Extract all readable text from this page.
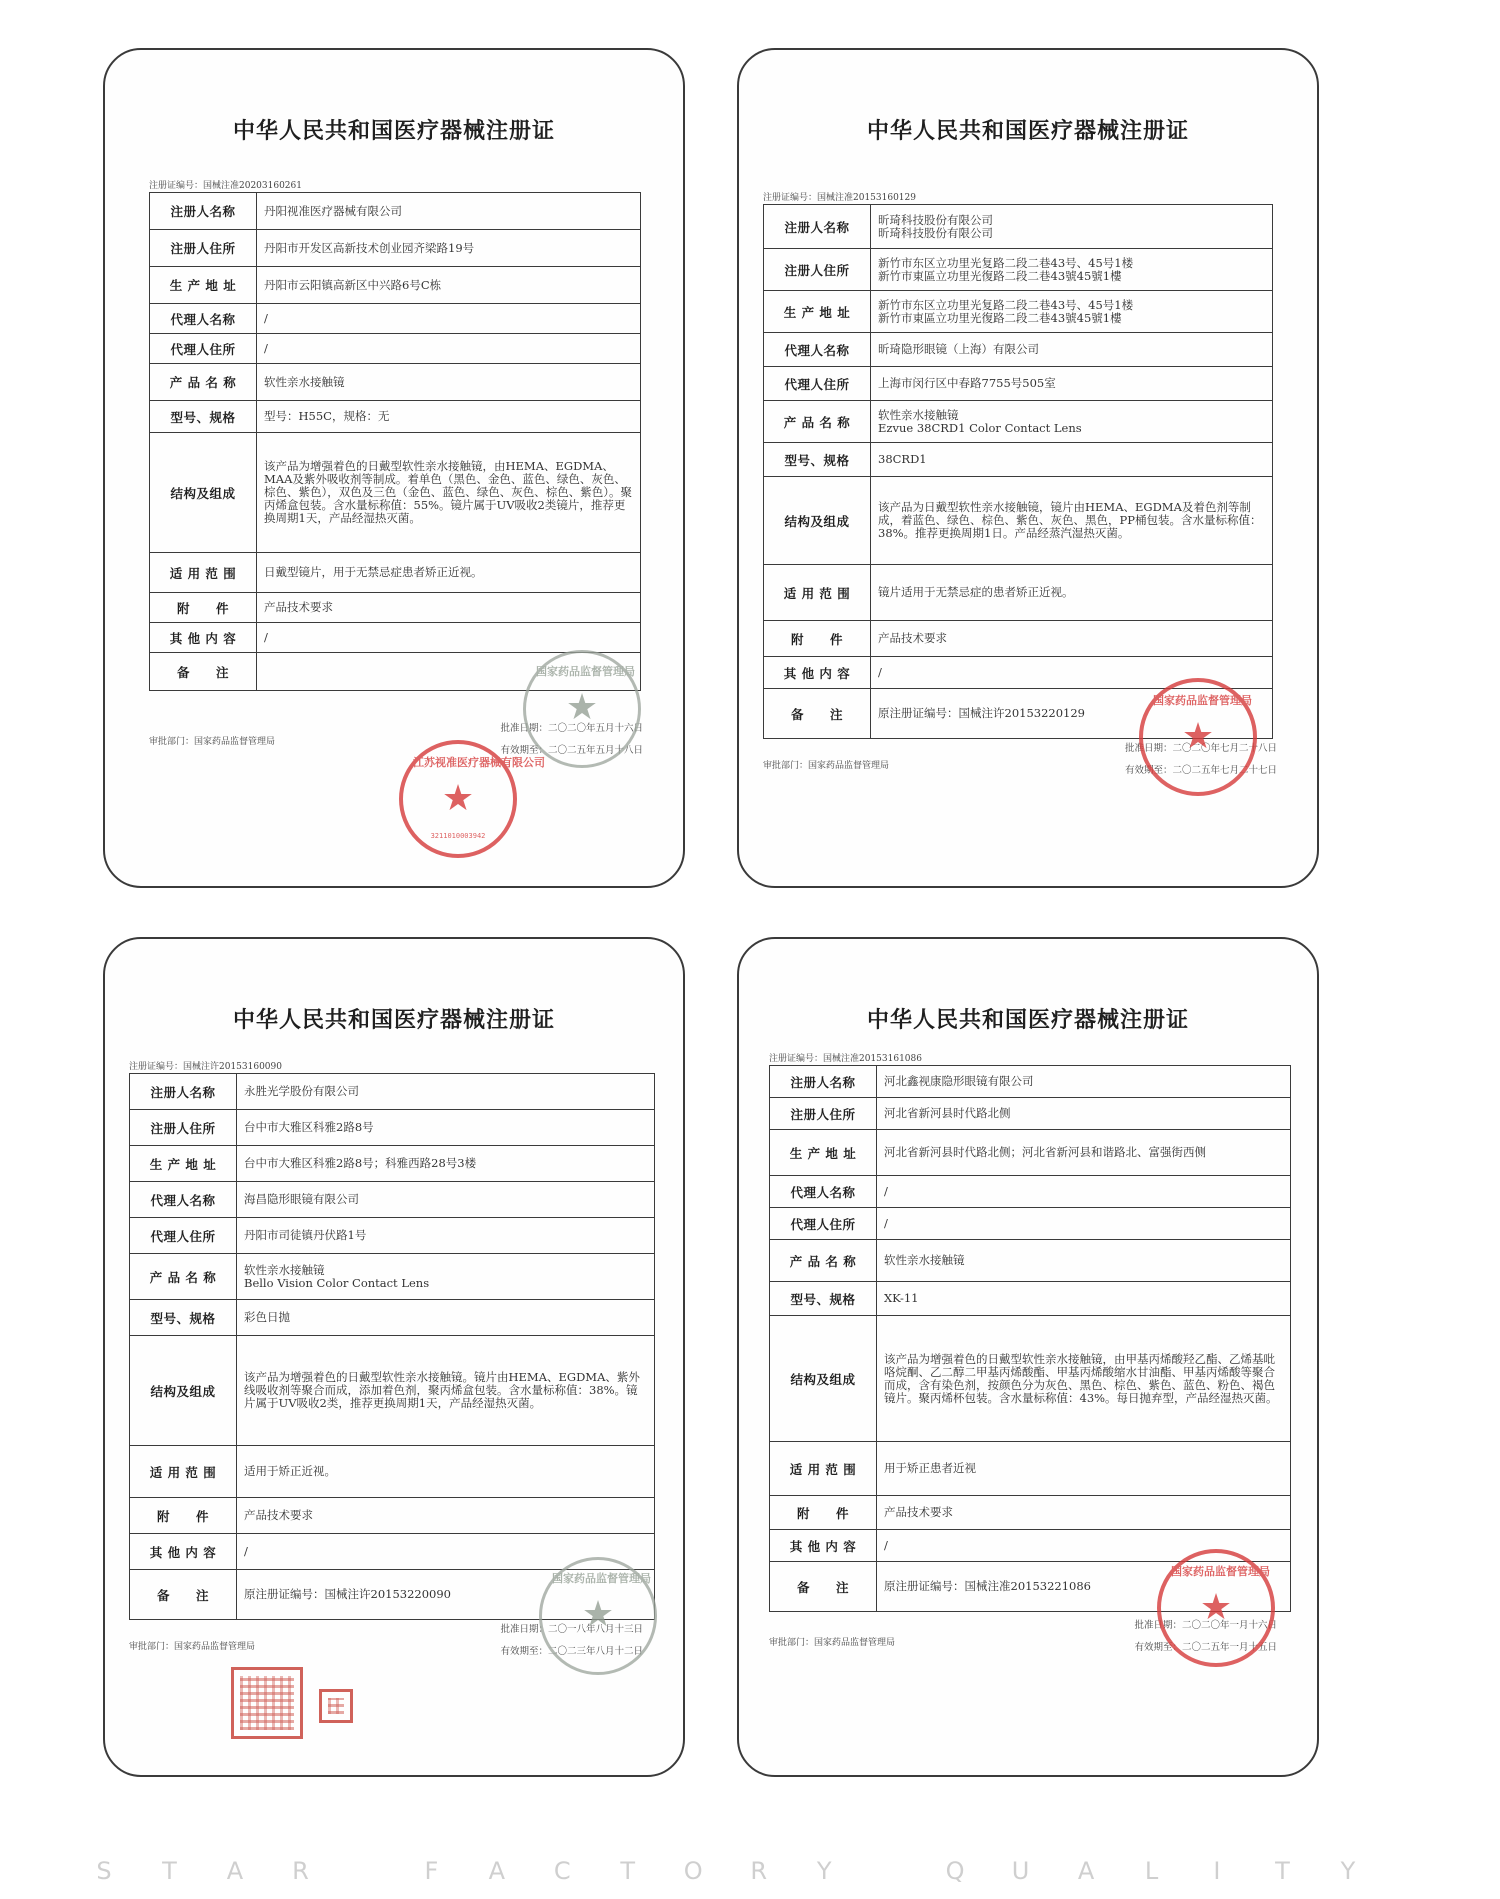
中华人民共和国医疗器械注册证
注册证编号：国械注准20203160261
注册人名称	丹阳视准医疗器械有限公司

注册人住所	丹阳市开发区高新技术创业园齐梁路19号

生 产 地 址	丹阳市云阳镇高新区中兴路6号C栋

代理人名称	/

代理人住所	/

产 品 名 称	软性亲水接触镜

型号、规格	型号：H55C，规格：无

结构及组成	该产品为增强着色的日戴型软性亲水接触镜，由HEMA、EGDMA、MAA及紫外吸收剂等制成。着单色（黑色、金色、蓝色、绿色、灰色、棕色、紫色），双色及三色（金色、蓝色、绿色、灰色、棕色、紫色）。聚丙烯盒包装。含水量标称值：55%。镜片属于UV吸收2类镜片，推荐更换周期1天，产品经湿热灭菌。

适 用 范 围	日戴型镜片，用于无禁忌症患者矫正近视。

附　　件	产品技术要求

其 他 内 容	/

备　　注	
审批部门：国家药品监督管理局
批准日期：二〇二〇年五月十六日
有效期至：二〇二五年五月十八日
国家药品监督管理局
★
江苏视准医疗器械有限公司
★
3211010003942
中华人民共和国医疗器械注册证
注册证编号：国械注准20153160129
注册人名称	昕琦科技股份有限公司
昕琦科技股份有限公司

注册人住所	新竹市东区立功里光复路二段二巷43号、45号1楼
新竹市東區立功里光復路二段二巷43號45號1樓

生 产 地 址	新竹市东区立功里光复路二段二巷43号、45号1楼
新竹市東區立功里光復路二段二巷43號45號1樓

代理人名称	昕琦隐形眼镜（上海）有限公司

代理人住所	上海市闵行区中春路7755号505室

产 品 名 称	软性亲水接触镜
Ezvue 38CRD1 Color Contact Lens

型号、规格	38CRD1

结构及组成	该产品为日戴型软性亲水接触镜，镜片由HEMA、EGDMA及着色剂等制成，着蓝色、绿色、棕色、紫色、灰色、黑色，PP桶包装。含水量标称值：38%。推荐更换周期1日。产品经蒸汽湿热灭菌。

适 用 范 围	镜片适用于无禁忌症的患者矫正近视。

附　　件	产品技术要求

其 他 内 容	/

备　　注	原注册证编号：国械注许20153220129
审批部门：国家药品监督管理局
批准日期：二〇二〇年七月二十八日
有效期至：二〇二五年七月二十七日
国家药品监督管理局
★
中华人民共和国医疗器械注册证
注册证编号：国械注许20153160090
注册人名称	永胜光学股份有限公司

注册人住所	台中市大雅区科雅2路8号

生 产 地 址	台中市大雅区科雅2路8号；科雅西路28号3楼

代理人名称	海昌隐形眼镜有限公司

代理人住所	丹阳市司徒镇丹伏路1号

产 品 名 称	软性亲水接触镜
Bello Vision Color Contact Lens

型号、规格	彩色日抛

结构及组成	该产品为增强着色的日戴型软性亲水接触镜。镜片由HEMA、EGDMA、紫外线吸收剂等聚合而成，添加着色剂，聚丙烯盒包装。含水量标称值：38%。镜片属于UV吸收2类，推荐更换周期1天，产品经湿热灭菌。

适 用 范 围	适用于矫正近视。

附　　件	产品技术要求

其 他 内 容	/

备　　注	原注册证编号：国械注许20153220090
审批部门：国家药品监督管理局
批准日期：二〇一八年八月十三日
有效期至：二〇二三年八月十二日
国家药品监督管理局
★
中华人民共和国医疗器械注册证
注册证编号：国械注准20153161086
注册人名称	河北鑫视康隐形眼镜有限公司

注册人住所	河北省新河县时代路北侧

生 产 地 址	河北省新河县时代路北侧；河北省新河县和谐路北、富强街西侧

代理人名称	/

代理人住所	/

产 品 名 称	软性亲水接触镜

型号、规格	XK-11

结构及组成	该产品为增强着色的日戴型软性亲水接触镜，由甲基丙烯酸羟乙酯、乙烯基吡咯烷酮、乙二醇二甲基丙烯酸酯、甲基丙烯酸缩水甘油酯、甲基丙烯酸等聚合而成，含有染色剂，按颜色分为灰色、黑色、棕色、紫色、蓝色、粉色、褐色镜片。聚丙烯杯包装。含水量标称值：43%。每日抛弃型，产品经湿热灭菌。

适 用 范 围	用于矫正患者近视

附　　件	产品技术要求

其 他 内 容	/

备　　注	原注册证编号：国械注准20153221086
审批部门：国家药品监督管理局
批准日期：二〇二〇年一月十六日
有效期至：二〇二五年一月十五日
国家药品监督管理局
★
S T A R
	F A C T O R Y
	Q U A L	I	T Y
